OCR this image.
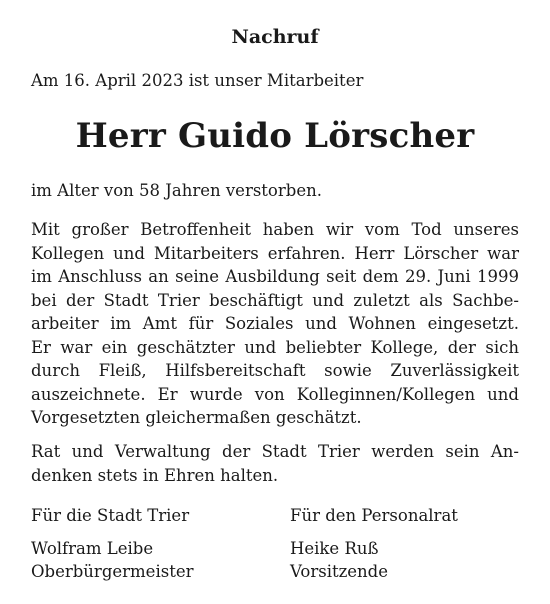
Nachruf
Am 16. April 2023 ist unser Mitarbeiter
Herr Guido Lörscher
im Alter von 58 Jahren verstorben.
Mit großer Betroffenheit haben wir vom Tod unseres
Kollegen und Mitarbeiters erfahren. Herr Lörscher war
im Anschluss an seine Ausbildung seit dem 29. Juni 1999
bei der Stadt Trier beschäftigt und zuletzt als Sachbe-
arbeiter im Amt für Soziales und Wohnen eingesetzt.
Er war ein geschätzter und beliebter Kollege, der sich
durch Fleiß, Hilfsbereitschaft sowie Zuverlässigkeit
auszeichnete. Er wurde von Kolleginnen/Kollegen und
Vorgesetzten gleichermaßen geschätzt.
Rat und Verwaltung der Stadt Trier werden sein An-
denken stets in Ehren halten.
Für die Stadt Trier	Für den Personalrat
Wolfram Leibe	Heike Ruß
Oberbürgermeister	Vorsitzende
